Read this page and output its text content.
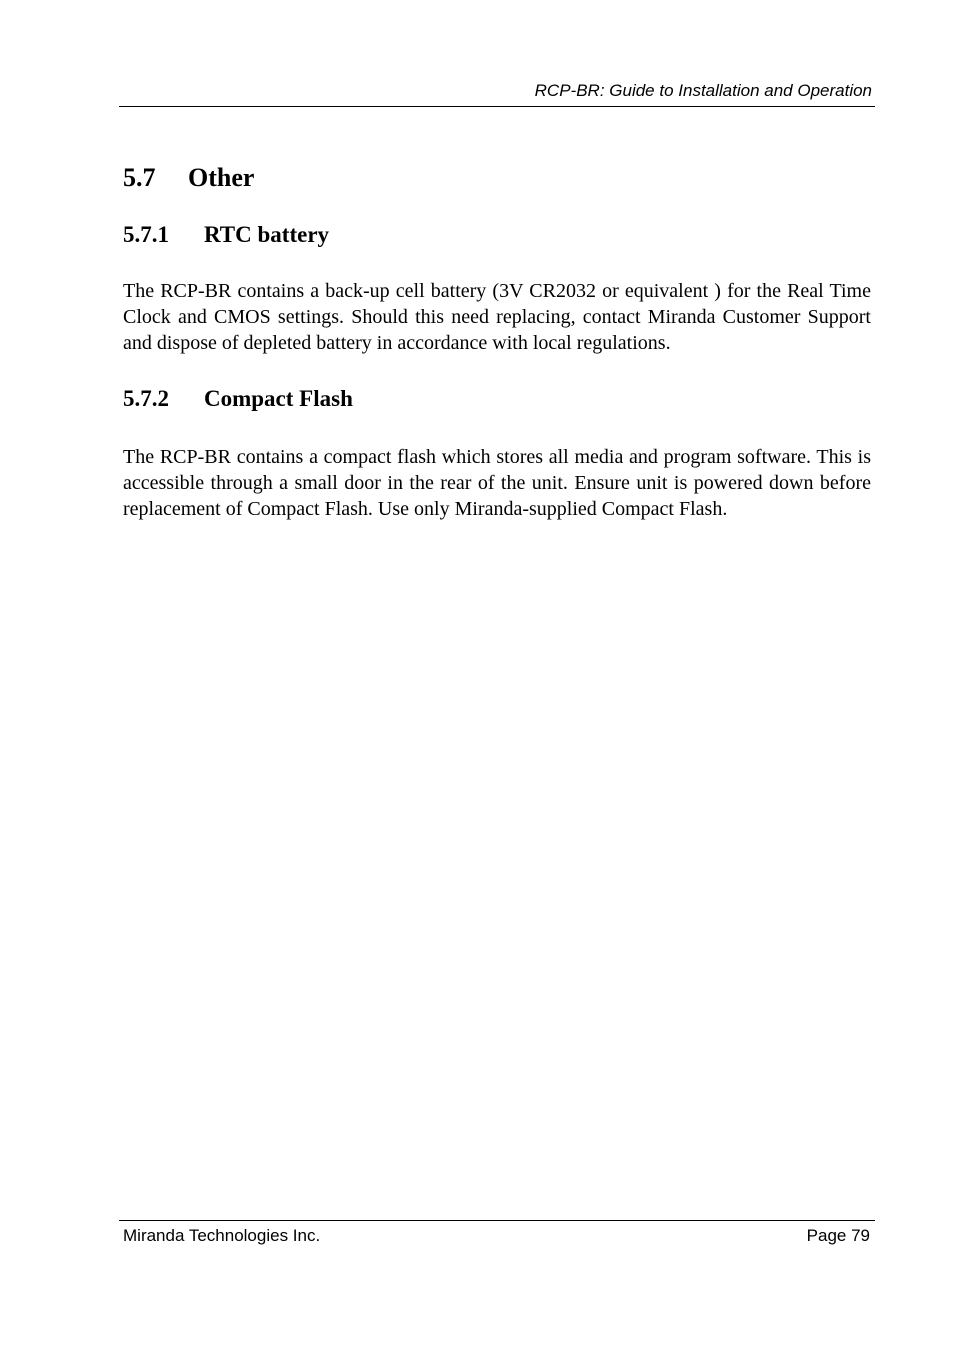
RCP-BR: Guide to Installation and Operation
5.7 Other
5.7.1 RTC battery

The RCP-BR contains a back-up cell battery (3V CR2032 or equivalent ) for the Real Time Clock and CMOS settings. Should this need replacing, contact Miranda Customer Support and dispose of depleted battery in accordance with local regulations.

5.7.2 Compact Flash

The RCP-BR contains a compact flash which stores all media and program software. This is accessible through a small door in the rear of the unit. Ensure unit is powered down before replacement of Compact Flash. Use only Miranda-supplied Compact Flash.

Miranda Technologies Inc.	Page 79
